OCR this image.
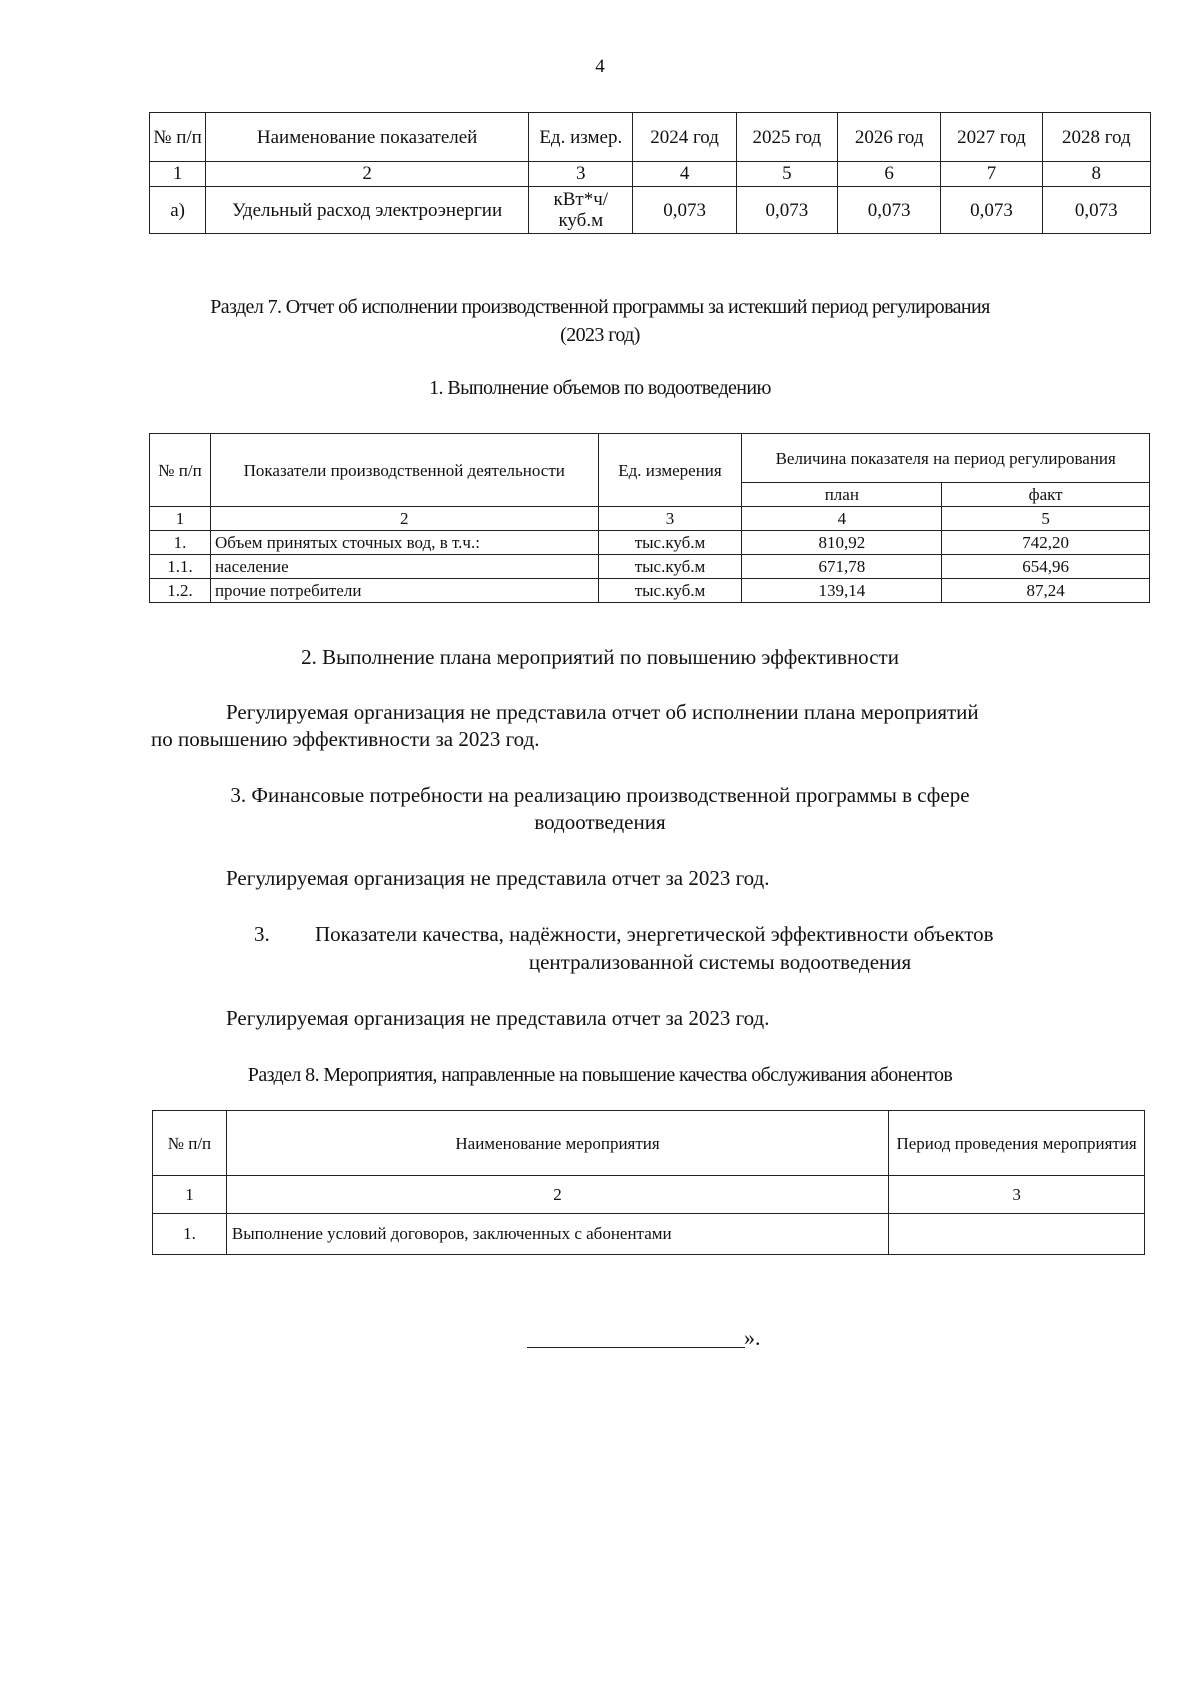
4
№ п/п	Наименование показателей	Ед. измер.	2024 год	2025 год	2026 год	2027 год	2028 год
1	2	3	4	5	6	7	8
а)	Удельный расход электроэнергии	кВт*ч/ куб.м	0,073	0,073	0,073	0,073	0,073
Раздел 7. Отчет об исполнении производственной программы за истекший период регулирования
(2023 год)
1. Выполнение объемов по водоотведению
№ п/п	Показатели производственной деятельности	Ед. измерения	Величина показателя на период регулирования	
			план	факт
1	2	3	4	5
1.	Объем принятых сточных вод, в т.ч.:	тыс.куб.м	810,92	742,20
1.1.	население	тыс.куб.м	671,78	654,96
1.2.	прочие потребители	тыс.куб.м	139,14	87,24
2. Выполнение плана мероприятий по повышению эффективности
Регулируемая организация не представила отчет об исполнении плана мероприятий
по повышению эффективности за 2023 год.
3. Финансовые потребности на реализацию производственной программы в сфере
водоотведения
Регулируемая организация не представила отчет за 2023 год.
3. Показатели качества, надёжности, энергетической эффективности объектов
централизованной системы водоотведения
Регулируемая организация не представила отчет за 2023 год.
Раздел 8. Мероприятия, направленные на повышение качества обслуживания абонентов
№ п/п	Наименование мероприятия	Период проведения мероприятия
1	2	3
1.	Выполнение условий договоров, заключенных с абонентами	
».
